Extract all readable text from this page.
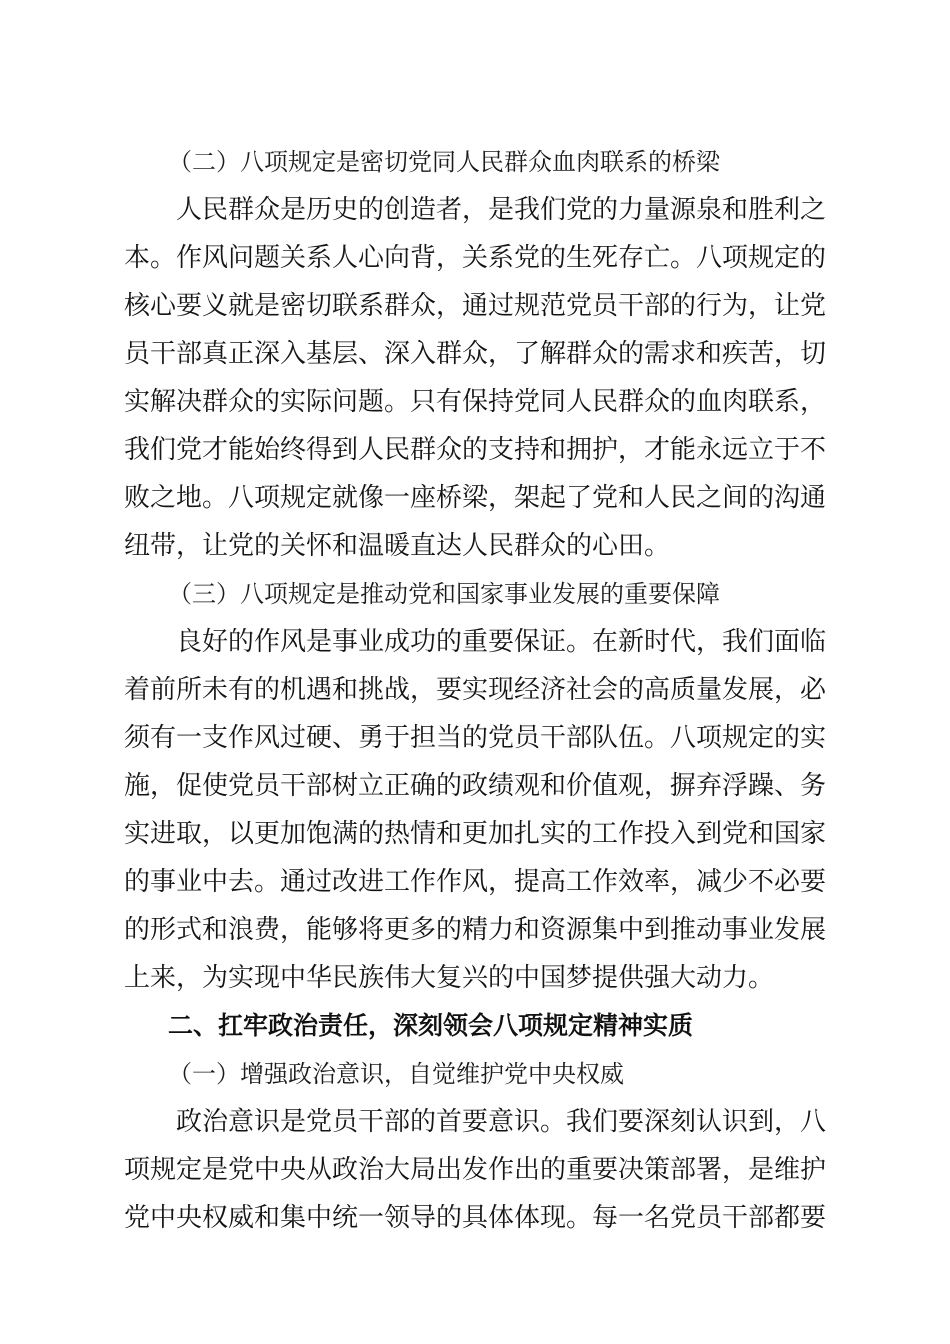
（二）八项规定是密切党同人民群众血肉联系的桥梁
人民群众是历史的创造者，是我们党的力量源泉和胜利之
本。作风问题关系人心向背，关系党的生死存亡。八项规定的
核心要义就是密切联系群众，通过规范党员干部的行为，让党
员干部真正深入基层、深入群众，了解群众的需求和疾苦，切
实解决群众的实际问题。只有保持党同人民群众的血肉联系，
我们党才能始终得到人民群众的支持和拥护，才能永远立于不
败之地。八项规定就像一座桥梁，架起了党和人民之间的沟通
纽带，让党的关怀和温暖直达人民群众的心田。
（三）八项规定是推动党和国家事业发展的重要保障
良好的作风是事业成功的重要保证。在新时代，我们面临
着前所未有的机遇和挑战，要实现经济社会的高质量发展，必
须有一支作风过硬、勇于担当的党员干部队伍。八项规定的实
施，促使党员干部树立正确的政绩观和价值观，摒弃浮躁、务
实进取，以更加饱满的热情和更加扎实的工作投入到党和国家
的事业中去。通过改进工作作风，提高工作效率，减少不必要
的形式和浪费，能够将更多的精力和资源集中到推动事业发展
上来，为实现中华民族伟大复兴的中国梦提供强大动力。
二、扛牢政治责任，深刻领会八项规定精神实质
（一）增强政治意识，自觉维护党中央权威
政治意识是党员干部的首要意识。我们要深刻认识到，八
项规定是党中央从政治大局出发作出的重要决策部署，是维护
党中央权威和集中统一领导的具体体现。每一名党员干部都要
